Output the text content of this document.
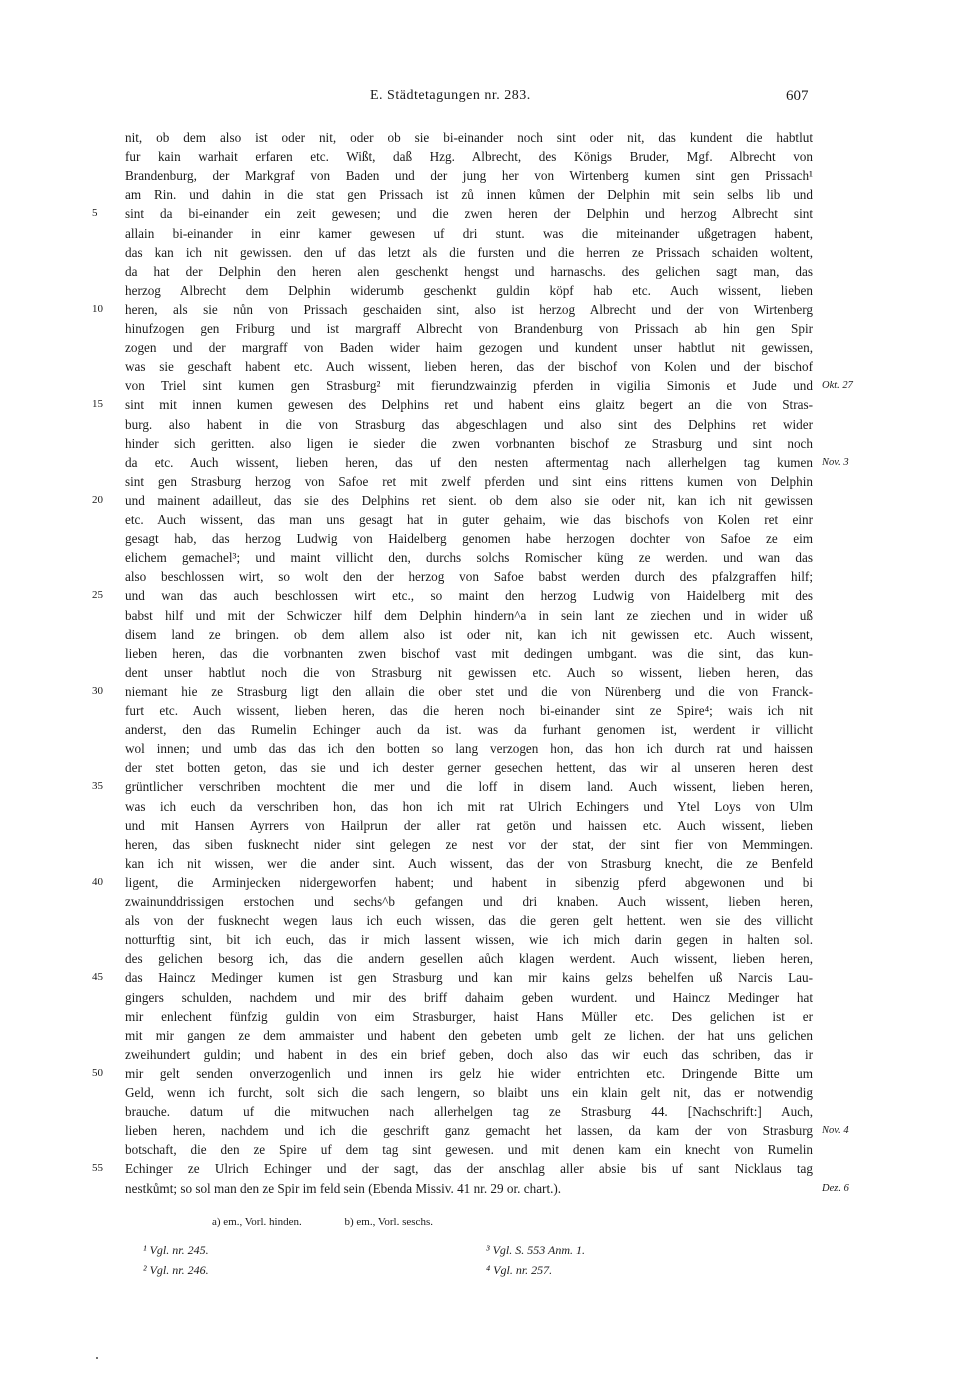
E. Städtetagungen nr. 283.	607
nit, ob dem also ist oder nit, oder ob sie bi-einander noch sint oder nit, das kundent die habtlut
fur kain warhait erfaren etc. Wißt, daß Hzg. Albrecht, des Königs Bruder, Mgf. Albrecht von
Brandenburg, der Markgraf von Baden und der jung her von Wirtenberg kumen sint gen Prissach¹
am Rin. und dahin in die stat gen Prissach ist zů innen kůmen der Delphin mit sein selbs lib und
sint da bi-einander ein zeit gewesen; und die zwen heren der Delphin und herzog Albrecht sint
5
allain bi-einander in einr kamer gewesen uf dri stunt. was die miteinander ußgetragen habent,
das kan ich nit gewissen. den uf das letzt als die fursten und die herren ze Prissach schaiden woltent,
da hat der Delphin den heren alen geschenkt hengst und harnaschs. des gelichen sagt man, das
herzog Albrecht dem Delphin widerumb geschenkt guldin köpf hab etc. Auch wissent, lieben
heren, als sie nůn von Prissach geschaiden sint, also ist herzog Albrecht und der von Wirtenberg
10
hinufzogen gen Friburg und ist margraff Albrecht von Brandenburg von Prissach ab hin gen Spir
zogen und der margraff von Baden wider haim gezogen und kundent unser habtlut nit gewissen,
was sie geschaft habent etc. Auch wissent, lieben heren, das der bischof von Kolen und der bischof
von Triel sint kumen gen Strasburg² mit fierundzwainzig pferden in vigilia Simonis et Jude und Okt. 27
sint mit innen kumen gewesen des Delphins ret und habent eins glaitz begert an die von Stras-
15
burg. also habent in die von Strasburg das abgeschlagen und also sint des Delphins ret wider
hinder sich geritten. also ligen ie sieder die zwen vorbnanten bischof ze Strasburg und sint noch
da etc. Auch wissent, lieben heren, das uf den nesten aftermentag nach allerhelgen tag kumen Nov. 3
sint gen Strasburg herzog von Safoe ret mit zwelf pferden und sint eins rittens kumen von Delphin
und mainent adailleut, das sie des Delphins ret sient. ob dem also sie oder nit, kan ich nit gewissen
20
etc. Auch wissent, das man uns gesagt hat in guter gehaim, wie das bischofs von Kolen ret einr
gesagt hab, das herzog Ludwig von Haidelberg genomen habe herzogen dochter von Safoe ze eim
elichem gemachel³; und maint villicht den, durchs solchs Romischer küng ze werden. und wan das
also beschlossen wirt, so wolt den der herzog von Safoe babst werden durch des pfalzgraffen hilf;
und wan das auch beschlossen wirt etc., so maint den herzog Ludwig von Haidelberg mit des
25
babst hilf und mit der Schwiczer hilf dem Delphin hindern^a in sein lant ze ziechen und in wider uß
disem land ze bringen. ob dem allem also ist oder nit, kan ich nit gewissen etc. Auch wissent,
lieben heren, das die vorbnanten zwen bischof vast mit dedingen umbgant. was die sint, das kun-
dent unser habtlut noch die von Strasburg nit gewissen etc. Auch so wissent, lieben heren, das
niemant hie ze Strasburg ligt den allain die ober stet und die von Nürenberg und die von Franck-
30
furt etc. Auch wissent, lieben heren, das die heren noch bi-einander sint ze Spire⁴; wais ich nit
anderst, den das Rumelin Echinger auch da ist. was da furhant genomen ist, werdent ir villicht
wol innen; und umb das das ich den botten so lang verzogen hon, das hon ich durch rat und haissen
der stet botten geton, das sie und ich dester gerner gesechen hettent, das wir al unseren heren dest
grüntlicher verschriben mochtent die mer und die loff in disem land. Auch wissent, lieben heren,
35
was ich euch da verschriben hon, das hon ich mit rat Ulrich Echingers und Ytel Loys von Ulm
und mit Hansen Ayrrers von Hailprun der aller rat getön und haissen etc. Auch wissent, lieben
heren, das siben fusknecht nider sint gelegen ze nest vor der stat, der sint fier von Memmingen.
kan ich nit wissen, wer die ander sint. Auch wissent, das der von Strasburg knecht, die ze Benfeld
ligent, die Arminjecken nidergeworfen habent; und habent in sibenzig pferd abgewonen und bi
40
zwainunddrissigen erstochen und sechs^b gefangen und dri knaben. Auch wissent, lieben heren,
als von der fusknecht wegen laus ich euch wissen, das die geren gelt hettent. wen sie des villicht
notturftig sint, bit ich euch, das ir mich lassent wissen, wie ich mich darin gegen in halten sol.
des gelichen besorg ich, das die andern gesellen aůch klagen werdent. Auch wissent, lieben heren,
das Haincz Medinger kumen ist gen Strasburg und kan mir kains gelzs behelfen uß Narcis Lau-
45
gingers schulden, nachdem und mir des briff dahaim geben wurdent. und Haincz Medinger hat
mir enlechent fünfzig guldin von eim Strasburger, haist Hans Müller etc. Des gelichen ist er
mit mir gangen ze dem ammaister und habent den gebeten umb gelt ze lichen. der hat uns gelichen
zweihundert guldin; und habent in des ein brief geben, doch also das wir euch das schriben, das ir
mir gelt senden onverzogenlich und innen irs gelz hie wider entrichten etc. Dringende Bitte um
50
Geld, wenn ich furcht, solt sich die sach lengern, so blaibt uns ein klain gelt nit, das er notwendig
brauche. datum uf die mitwuchen nach allerhelgen tag ze Strasburg 44. [Nachschrift:] Auch,
lieben heren, nachdem und ich die geschrift ganz gemacht het lassen, da kam der von Strasburg Nov. 4
botschaft, die den ze Spire uf dem tag sint gewesen. und mit denen kam ein knecht von Rumelin
Echinger ze Ulrich Echinger und der sagt, das der anschlag aller absie bis uf sant Nicklaus tag
55
nestkůmt; so sol man den ze Spir im feld sein (Ebenda Missiv. 41 nr. 29 or. chart.).	Dez. 6
a) em., Vorl. hinden.	b) em., Vorl. seschs.
¹ Vgl. nr. 245.
² Vgl. nr. 246.
³ Vgl. S. 553 Anm. 1.
⁴ Vgl. nr. 257.
